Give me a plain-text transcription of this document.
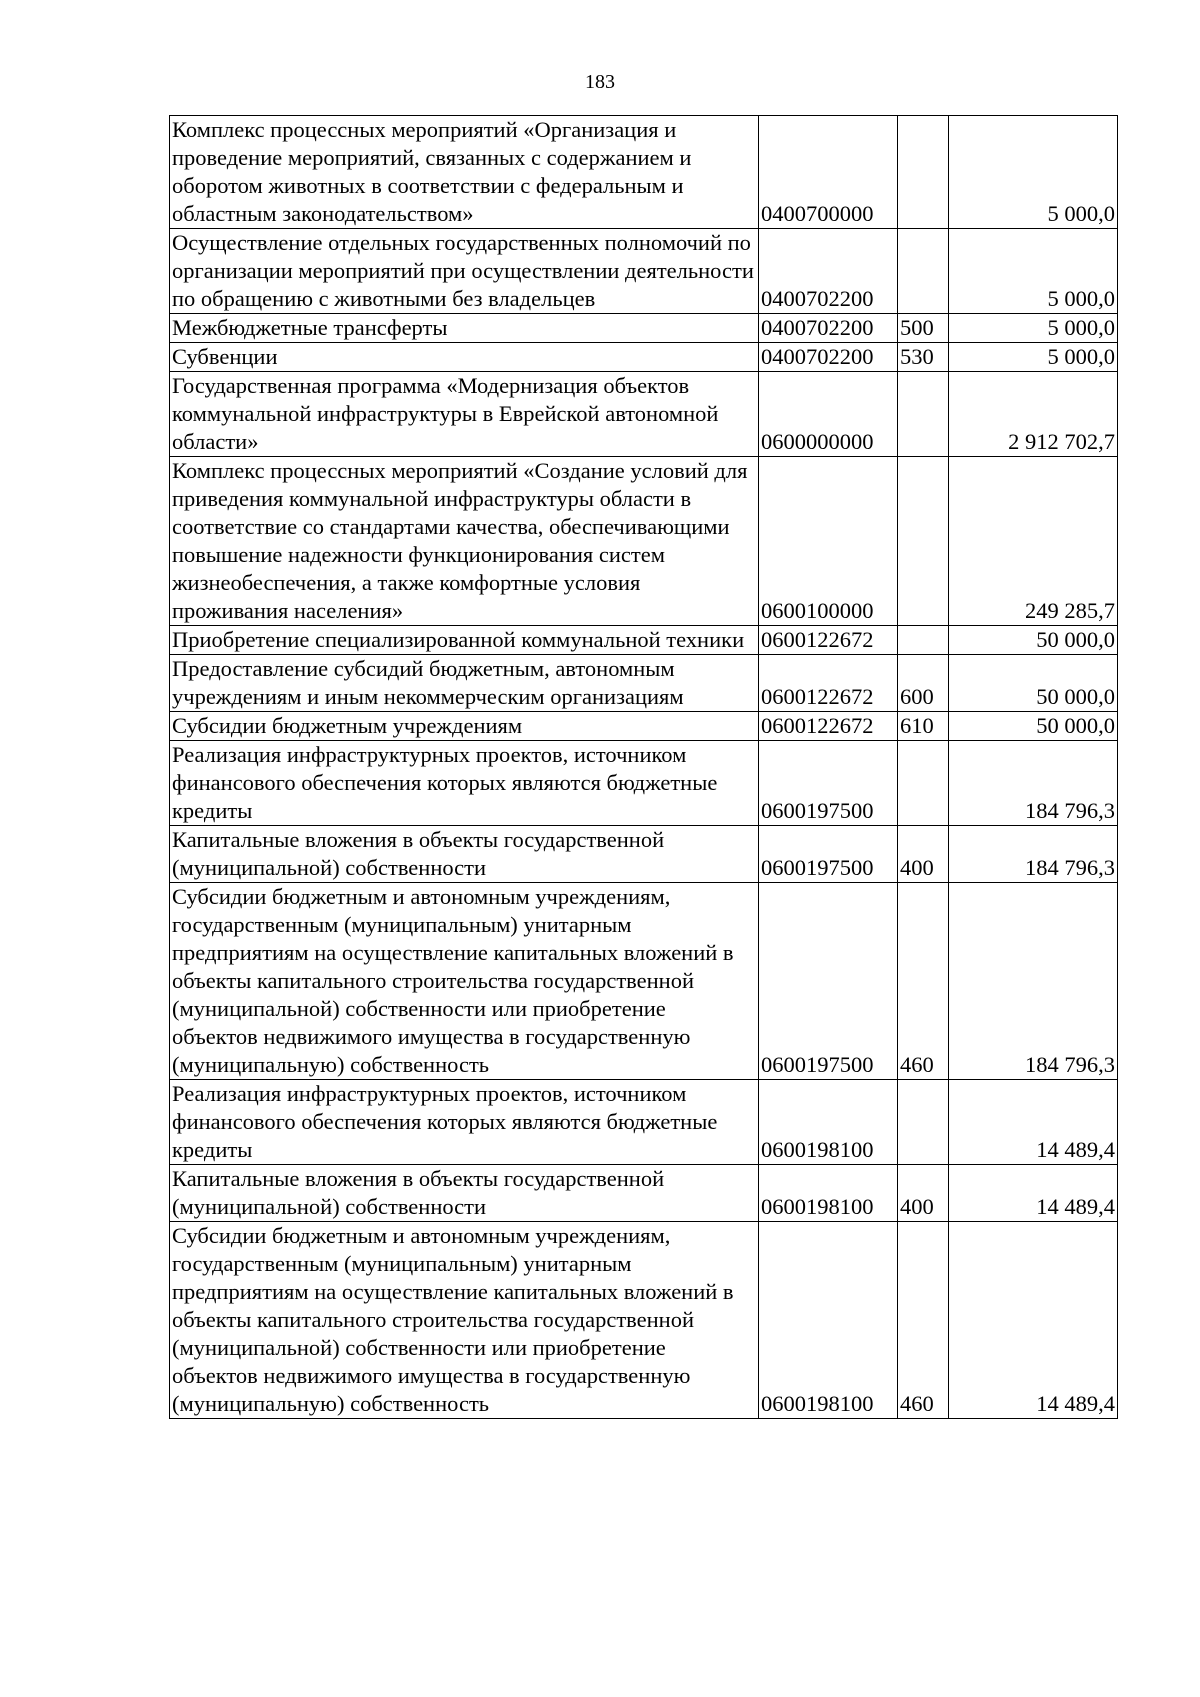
183
Комплекс процессных мероприятий «Организация и проведение мероприятий, связанных с содержанием и оборотом животных в соответствии с федеральным и областным законодательством»	0400700000		5 000,0
Осуществление отдельных государственных полномочий по организации мероприятий при осуществлении деятельности по обращению с животными без владельцев	0400702200		5 000,0
Межбюджетные трансферты	0400702200	500	5 000,0
Субвенции	0400702200	530	5 000,0
Государственная программа «Модернизация объектов коммунальной инфраструктуры в Еврейской автономной области»	0600000000		2 912 702,7
Комплекс процессных мероприятий «Создание условий для приведения коммунальной инфраструктуры области в соответствие со стандартами качества, обеспечивающими повышение надежности функционирования систем жизнеобеспечения, а также комфортные условия проживания населения»	0600100000		249 285,7
Приобретение специализированной коммунальной техники	0600122672		50 000,0
Предоставление субсидий бюджетным, автономным учреждениям и иным некоммерческим организациям	0600122672	600	50 000,0
Субсидии бюджетным учреждениям	0600122672	610	50 000,0
Реализация инфраструктурных проектов, источником финансового обеспечения которых являются бюджетные кредиты	0600197500		184 796,3
Капитальные вложения в объекты государственной (муниципальной) собственности	0600197500	400	184 796,3
Субсидии бюджетным и автономным учреждениям, государственным (муниципальным) унитарным предприятиям на осуществление капитальных вложений в объекты капитального строительства государственной (муниципальной) собственности или приобретение объектов недвижимого имущества в государственную (муниципальную) собственность	0600197500	460	184 796,3
Реализация инфраструктурных проектов, источником финансового обеспечения которых являются бюджетные кредиты	0600198100		14 489,4
Капитальные вложения в объекты государственной (муниципальной) собственности	0600198100	400	14 489,4
Субсидии бюджетным и автономным учреждениям, государственным (муниципальным) унитарным предприятиям на осуществление капитальных вложений в объекты капитального строительства государственной (муниципальной) собственности или приобретение объектов недвижимого имущества в государственную (муниципальную) собственность	0600198100	460	14 489,4
